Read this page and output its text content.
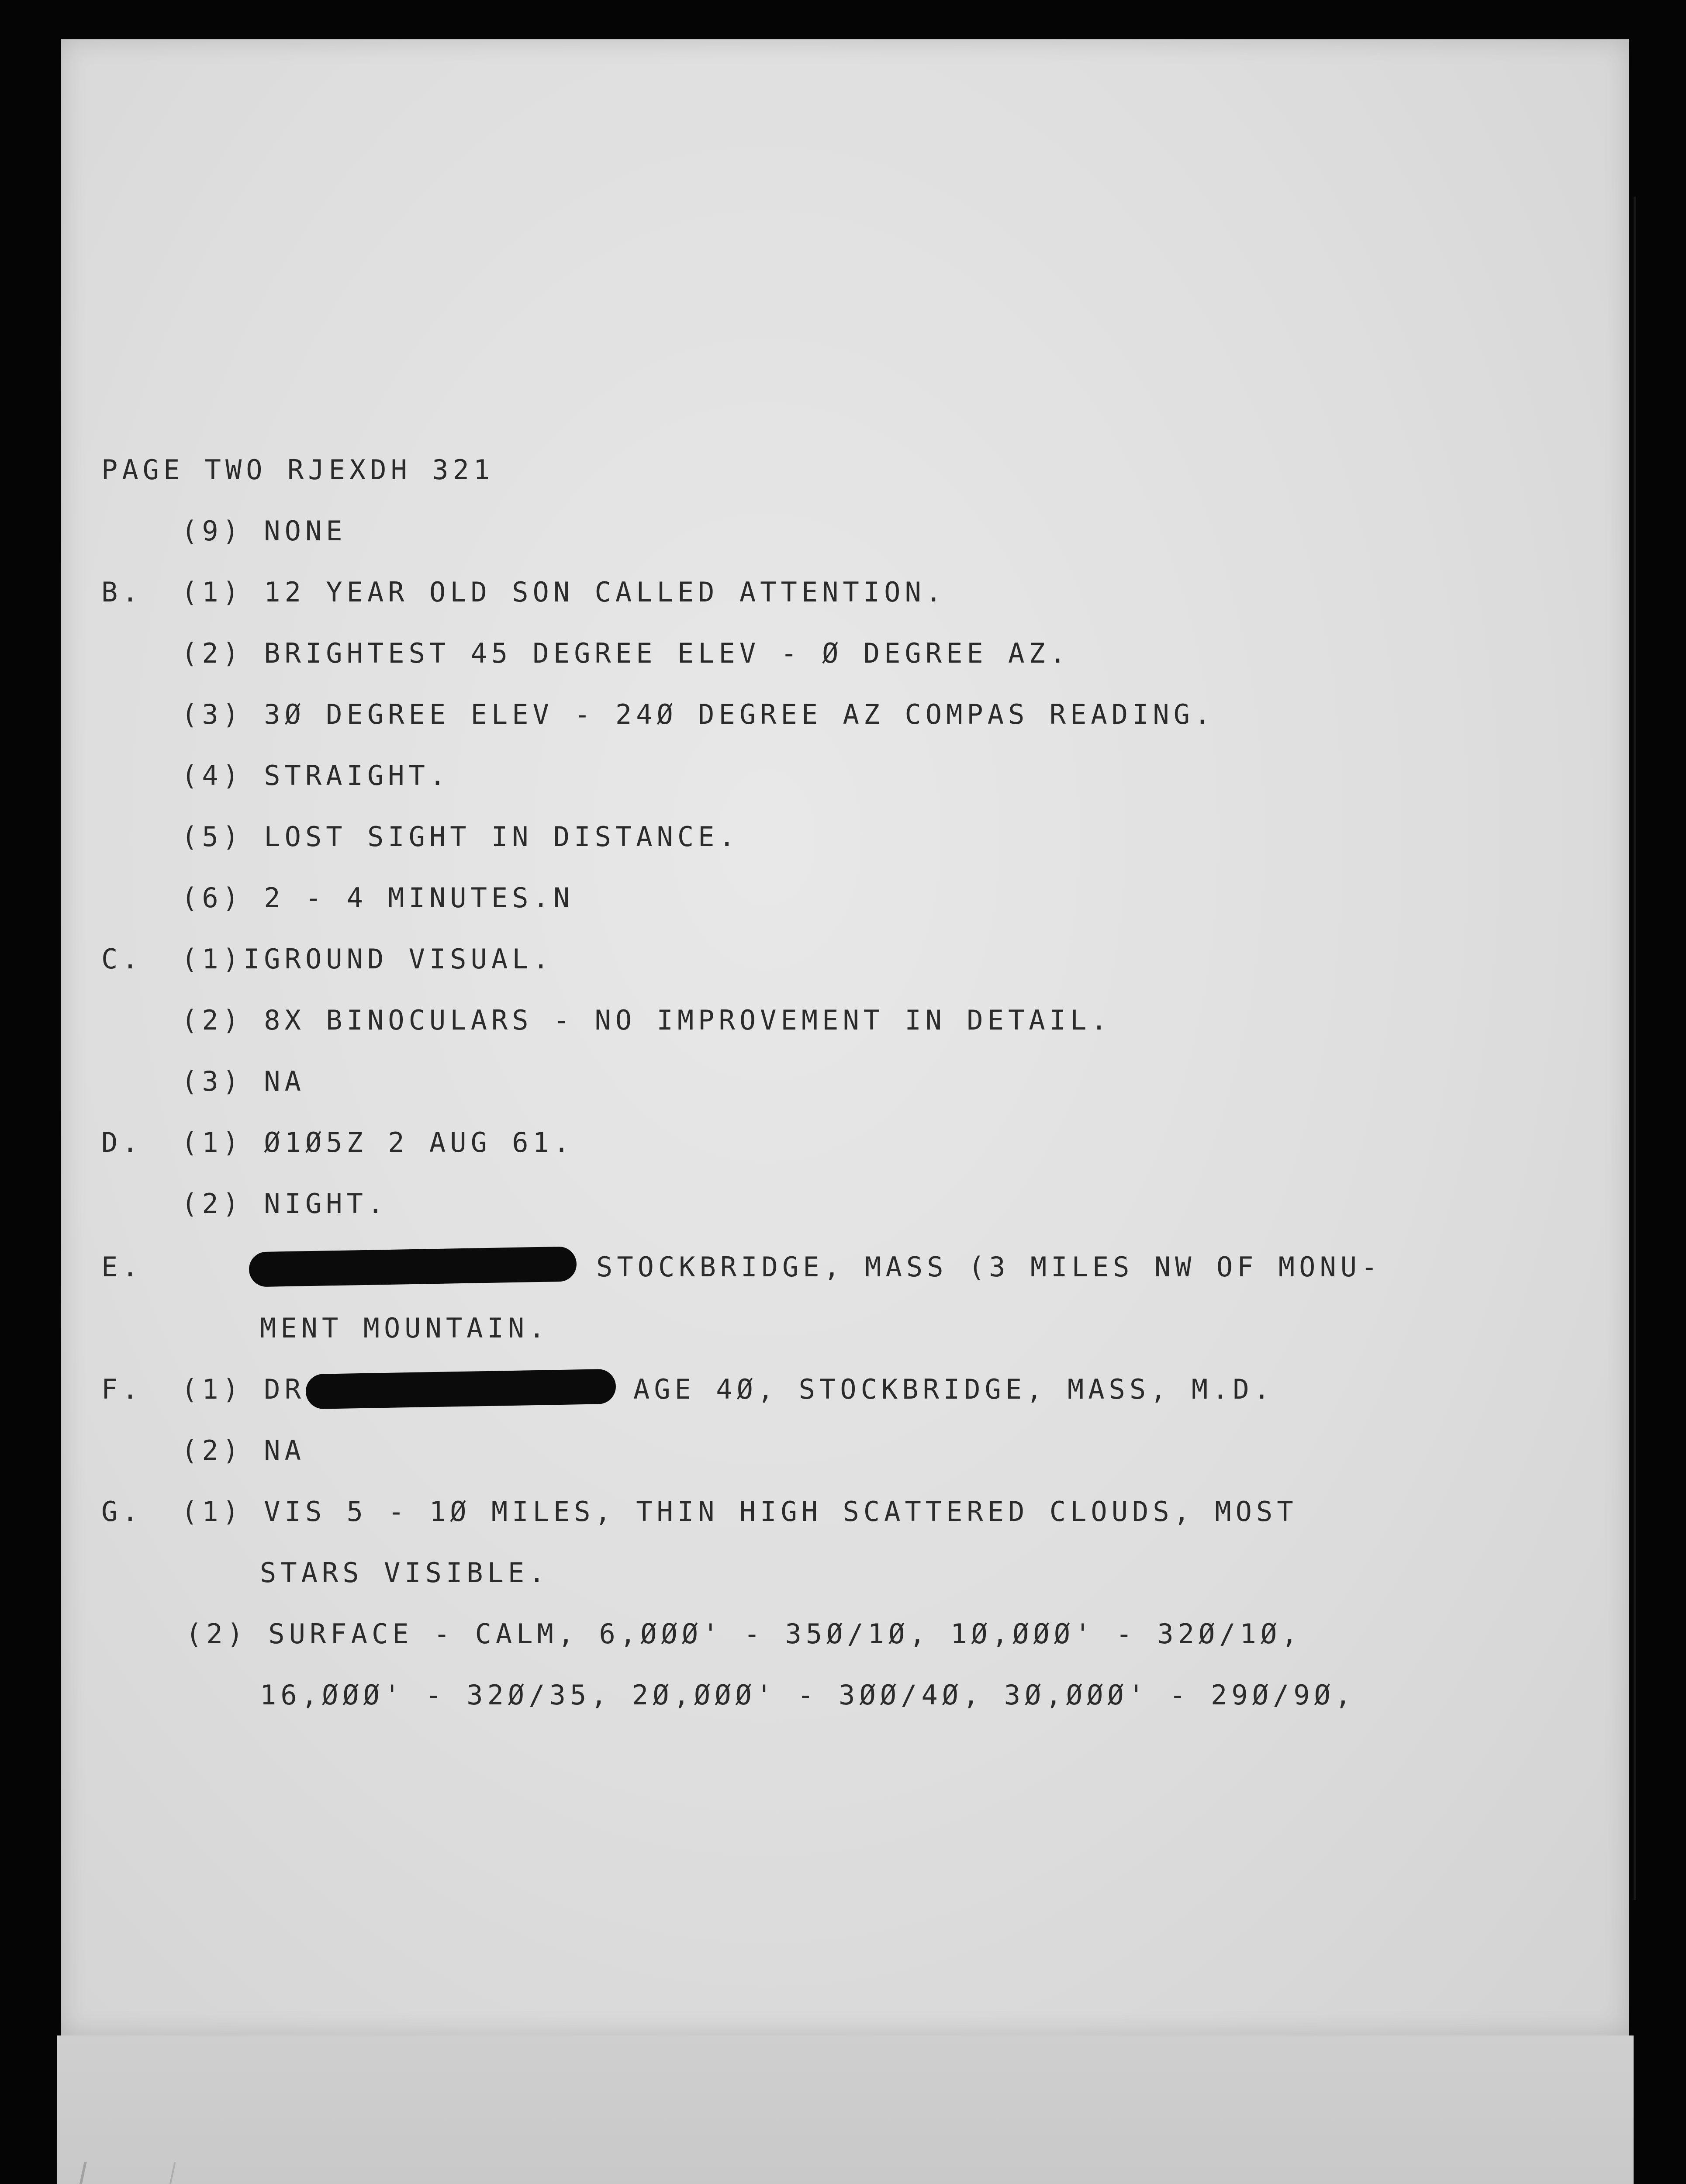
PAGE TWO RJEXDH 321

(9) NONE

B. (1) 12 YEAR OLD SON CALLED ATTENTION.

(2) BRIGHTEST 45 DEGREE ELEV - Ø DEGREE AZ.

(3) 3Ø DEGREE ELEV - 24Ø DEGREE AZ COMPAS READING.

(4) STRAIGHT.

(5) LOST SIGHT IN DISTANCE.

(6) 2 - 4 MINUTES.N

C. (1)IGROUND VISUAL.

(2) 8X BINOCULARS - NO IMPROVEMENT IN DETAIL.

(3) NA

D. (1) Ø1Ø5Z 2 AUG 61.

(2) NIGHT.

E.	STOCKBRIDGE, MASS (3 MILES NW OF MONU-

MENT MOUNTAIN.

F. (1) DR	AGE 4Ø, STOCKBRIDGE, MASS, M.D.

(2) NA

G. (1) VIS 5 - 1Ø MILES, THIN HIGH SCATTERED CLOUDS, MOST

STARS VISIBLE.

(2) SURFACE - CALM, 6,ØØØ' - 35Ø/1Ø, 1Ø,ØØØ' - 32Ø/1Ø,

16,ØØØ' - 32Ø/35, 2Ø,ØØØ' - 3ØØ/4Ø, 3Ø,ØØØ' - 29Ø/9Ø,
